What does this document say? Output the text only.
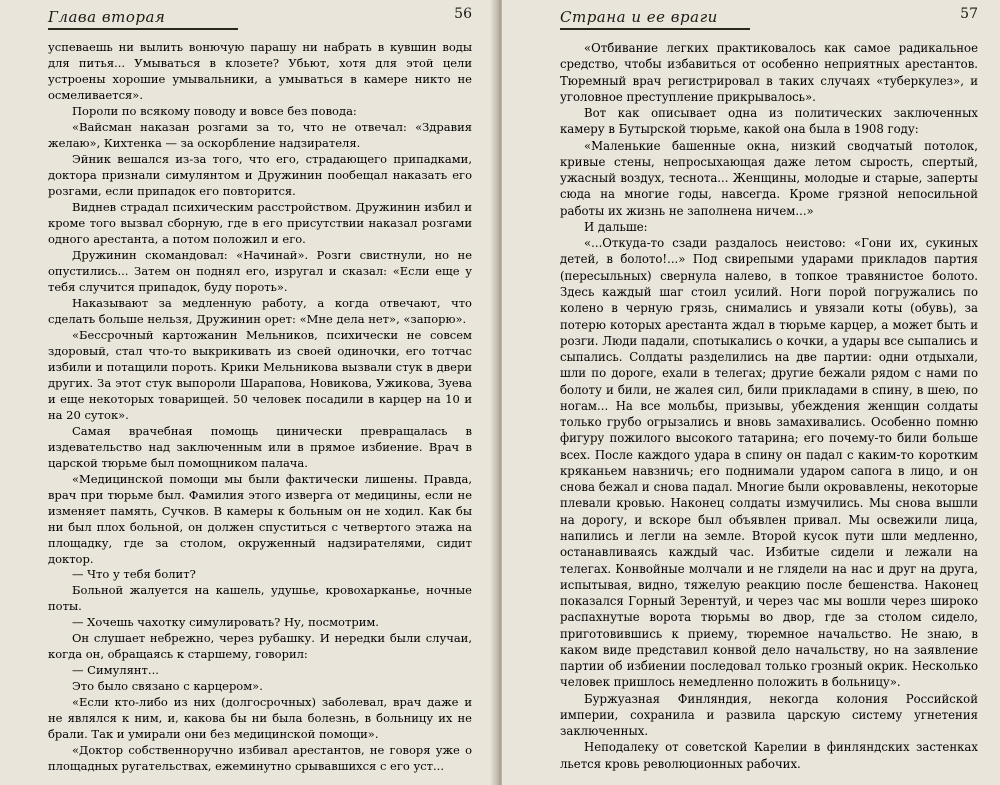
Глава вторая	56

успеваешь ни вылить вонючую парашу ни набрать в кувшин воды для питья... Умываться в клозете? Убьют, хотя для этой цели устроены хорошие умывальники, а умываться в камере никто не осмеливается».

Пороли по всякому поводу и вовсе без повода:

«Вайсман наказан розгами за то, что не отвечал: «Здравия желаю», Кихтенка — за оскорбление надзирателя.

Эйник вешался из-за того, что его, страдающего припадками, доктора признали симулянтом и Дружинин пообещал наказать его розгами, если припадок его повторится.

Виднев страдал психическим расстройством. Дружинин избил и кроме того вызвал сборную, где в его присутствии наказал розгами одного арестанта, а потом положил и его.

Дружинин скомандовал: «Начинай». Розги свистнули, но не опустились... Затем он поднял его, изругал и сказал: «Если еще у тебя случится припадок, буду пороть».

Наказывают за медленную работу, а когда отвечают, что сделать больше нельзя, Дружинин орет: «Мне дела нет», «запорю».

«Бессрочный картожанин Мельников, психически не совсем здоровый, стал что-то выкрикивать из своей одиночки, его тотчас избили и потащили пороть. Крики Мельникова вызвали стук в двери других. За этот стук выпороли Шарапова, Новикова, Ужикова, Зуева и еще некоторых товарищей. 50 человек посадили в карцер на 10 и на 20 суток».

Самая врачебная помощь цинически превращалась в издевательство над заключенным или в прямое избиение. Врач в царской тюрьме был помощником палача.

«Медицинской помощи мы были фактически лишены. Правда, врач при тюрьме был. Фамилия этого изверга от медицины, если не изменяет память, Сучков. В камеры к больным он не ходил. Как бы ни был плох больной, он должен спуститься с четвертого этажа на площадку, где за столом, окруженный надзирателями, сидит доктор.

— Что у тебя болит?

Больной жалуется на кашель, удушье, кровохарканье, ночные поты.

— Хочешь чахотку симулировать? Ну, посмотрим.

Он слушает небрежно, через рубашку. И нередки были случаи, когда он, обращаясь к старшему, говорил:

— Симулянт...

Это было связано с карцером».

«Если кто-либо из них (долгосрочных) заболевал, врач даже и не являлся к ним, и, какова бы ни была болезнь, в больницу их не брали. Так и умирали они без медицинской помощи».

«Доктор собственноручно избивал арестантов, не говоря уже о площадных ругательствах, ежеминутно срывавшихся с его уст...

Страна и ее враги	57

«Отбивание легких практиковалось как самое радикальное средство, чтобы избавиться от особенно неприятных арестантов. Тюремный врач регистрировал в таких случаях «туберкулез», и уголовное преступление прикрывалось».

Вот как описывает одна из политических заключенных камеру в Бутырской тюрьме, какой она была в 1908 году:

«Маленькие башенные окна, низкий сводчатый потолок, кривые стены, непросыхающая даже летом сырость, спертый, ужасный воздух, теснота... Женщины, молодые и старые, заперты сюда на многие годы, навсегда. Кроме грязной непосильной работы их жизнь не заполнена ничем...»

И дальше:

«...Откуда-то сзади раздалось неистово: «Гони их, сукиных детей, в болото!...» Под свирепыми ударами прикладов партия (пересыльных) свернула налево, в топкое травянистое болото. Здесь каждый шаг стоил усилий. Ноги порой погружались по колено в черную грязь, снимались и увязали коты (обувь), за потерю которых арестанта ждал в тюрьме карцер, а может быть и розги. Люди падали, спотыкались о кочки, а удары все сыпались и сыпались. Солдаты разделились на две партии: одни отдыхали, шли по дороге, ехали в телегах; другие бежали рядом с нами по болоту и били, не жалея сил, били прикладами в спину, в шею, по ногам... На все мольбы, призывы, убеждения женщин солдаты только грубо огрызались и вновь замахивались. Особенно помню фигуру пожилого высокого татарина; его почему-то били больше всех. После каждого удара в спину он падал с каким-то коротким кряканьем навзничь; его поднимали ударом сапога в лицо, и он снова бежал и снова падал. Многие были окровавлены, некоторые плевали кровью. Наконец солдаты измучились. Мы снова вышли на дорогу, и вскоре был объявлен привал. Мы освежили лица, напились и легли на земле. Второй кусок пути шли медленно, останавливаясь каждый час. Избитые сидели и лежали на телегах. Конвойные молчали и не глядели на нас и друг на друга, испытывая, видно, тяжелую реакцию после бешенства. Наконец показался Горный Зерентуй, и через час мы вошли через широко распахнутые ворота тюрьмы во двор, где за столом сидело, приготовившись к приему, тюремное начальство. Не знаю, в каком виде представил конвой дело начальству, но на заявление партии об избиении последовал только грозный окрик. Несколько человек пришлось немедленно положить в больницу».

Буржуазная Финляндия, некогда колония Российской империи, сохранила и развила царскую систему угнетения заключенных.

Неподалеку от советской Карелии в финляндских застенках льется кровь революционных рабочих.
